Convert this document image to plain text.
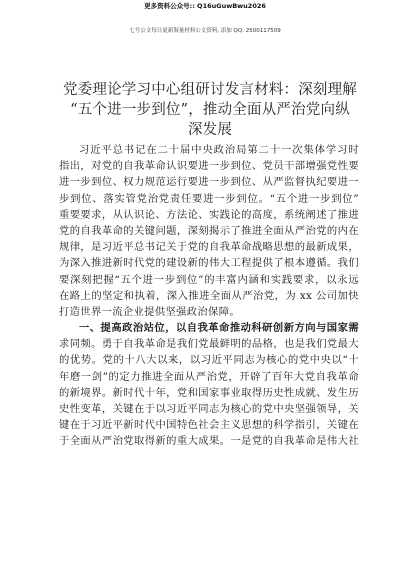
更多资料公众号:: Q16uGuwBwu2026
七号公文每日更新海量材料公文资料, 添加 QQ: 2500117509
党委理论学习中心组研讨发言材料：深刻理解
“五个进一步到位”，推动全面从严治党向纵
深发展
习近平总书记在二十届中央政治局第二十一次集体学习时
指出，对党的自我革命认识要进一步到位、党员干部增强党性要
进一步到位、权力规范运行要进一步到位、从严监督执纪要进一
步到位、落实管党治党责任要进一步到位。“五个进一步到位”
重要要求，从认识论、方法论、实践论的高度，系统阐述了推进
党的自我革命的关键问题，深刻揭示了推进全面从严治党的内在
规律，是习近平总书记关于党的自我革命战略思想的最新成果，
为深入推进新时代党的建设新的伟大工程提供了根本遵循。我们
要深刻把握“五个进一步到位”的丰富内涵和实践要求，以永远
在路上的坚定和执着，深入推进全面从严治党，为 xx 公司加快
打造世界一流企业提供坚强政治保障。
一、提高政治站位，以自我革命推动科研创新方向与国家需
求同频。勇于自我革命是我们党最鲜明的品格，也是我们党最大
的优势。党的十八大以来，以习近平同志为核心的党中央以“十
年磨一剑”的定力推进全面从严治党，开辟了百年大党自我革命
的新境界。新时代十年，党和国家事业取得历史性成就、发生历
史性变革，关键在于以习近平同志为核心的党中央坚强领导，关
键在于习近平新时代中国特色社会主义思想的科学指引，关键在
于全面从严治党取得新的重大成果。一是党的自我革命是伟大社
